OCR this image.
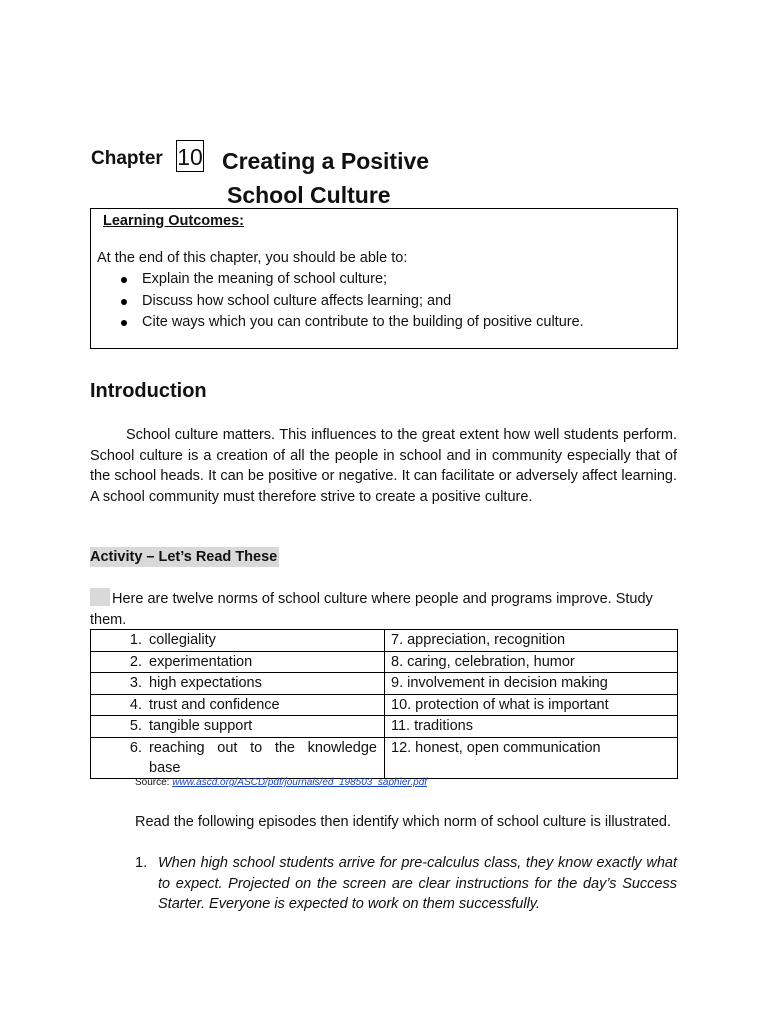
Chapter 10 Creating a Positive
School Culture
Learning Outcomes:
At the end of this chapter, you should be able to:
Explain the meaning of school culture;
Discuss how school culture affects learning; and
Cite ways which you can contribute to the building of positive culture.
Introduction
School culture matters. This influences to the great extent how well students perform. School culture is a creation of all the people in school and in community especially that of the school heads. It can be positive or negative. It can facilitate or adversely affect learning. A school community must therefore strive to create a positive culture.
Activity – Let’s Read These
Here are twelve norms of school culture where people and programs improve. Study them.
1. collegiality	7. appreciation, recognition
2. experimentation	8. caring, celebration, humor
3. high expectations	9. involvement in decision making
4. trust and confidence	10. protection of what is important
5. tangible support	11. traditions
6. reaching out to the knowledge base	12. honest, open communication
Source: www.ascd.org/ASCD/pdf/journals/ed_198503_saphier.pdf
Read the following episodes then identify which norm of school culture is illustrated.
1. When high school students arrive for pre-calculus class, they know exactly what to expect. Projected on the screen are clear instructions for the day’s Success Starter. Everyone is expected to work on them successfully.
